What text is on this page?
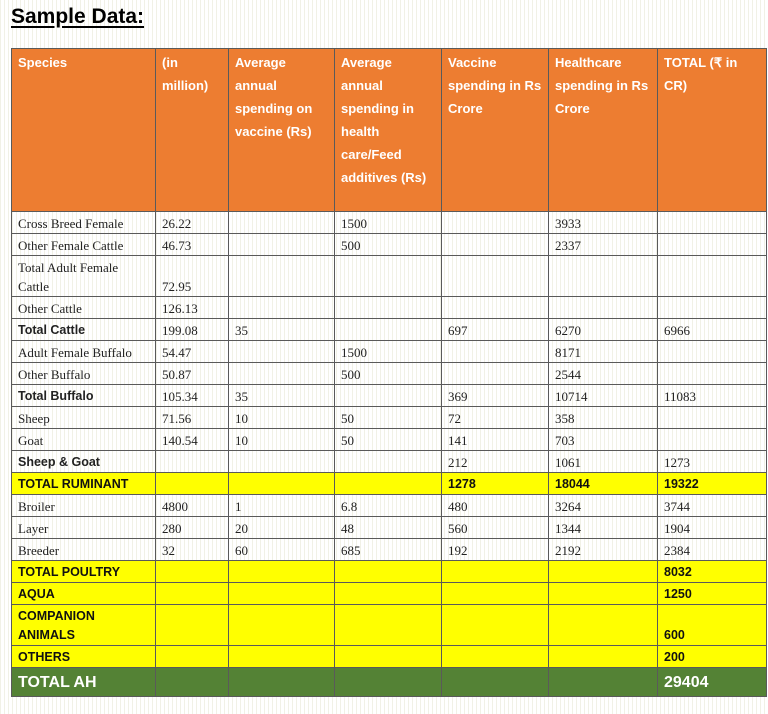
Sample Data:
Species	(in million)	Average annual spending on vaccine (Rs)	Average annual spending in health care/Feed additives (Rs)	Vaccine spending in Rs Crore	Healthcare spending in Rs Crore	TOTAL (₹ in CR)
Cross Breed Female	26.22		1500		3933	
Other Female Cattle	46.73		500		2337	
Total Adult Female Cattle	72.95					
Other Cattle	126.13					
Total Cattle	199.08	35		697	6270	6966
Adult Female Buffalo	54.47		1500		8171	
Other Buffalo	50.87		500		2544	
Total Buffalo	105.34	35		369	10714	11083
Sheep	71.56	10	50	72	358	
Goat	140.54	10	50	141	703	
Sheep & Goat				212	1061	1273
TOTAL RUMINANT				1278	18044	19322
Broiler	4800	1	6.8	480	3264	3744
Layer	280	20	48	560	1344	1904
Breeder	32	60	685	192	2192	2384
TOTAL POULTRY						8032
AQUA						1250
COMPANION ANIMALS						600
OTHERS						200
TOTAL AH						29404
